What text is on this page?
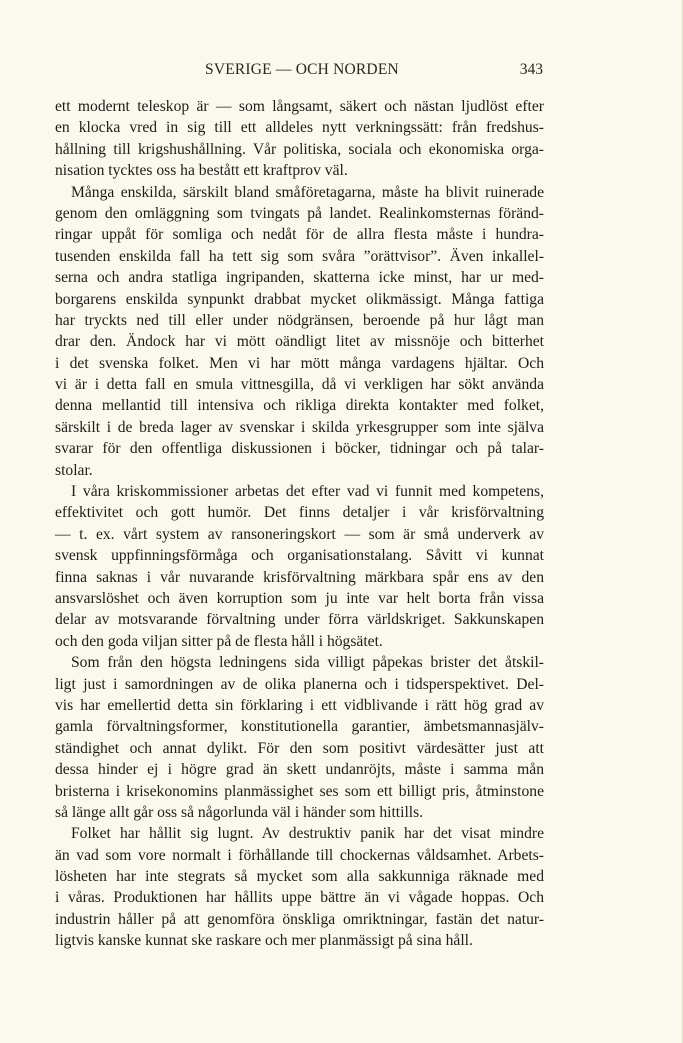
SVERIGE — OCH NORDEN	343
ett modernt teleskop är — som långsamt, säkert och nästan ljudlöst efter
en klocka vred in sig till ett alldeles nytt verkningssätt: från fredshus-
hållning till krigshushållning. Vår politiska, sociala och ekonomiska orga-
nisation tycktes oss ha bestått ett kraftprov väl.
Många enskilda, särskilt bland småföretagarna, måste ha blivit ruinerade
genom den omläggning som tvingats på landet. Realinkomsternas föränd-
ringar uppåt för somliga och nedåt för de allra flesta måste i hundra-
tusenden enskilda fall ha tett sig som svåra ”orättvisor”. Även inkallel-
serna och andra statliga ingripanden, skatterna icke minst, har ur med-
borgarens enskilda synpunkt drabbat mycket olikmässigt. Många fattiga
har tryckts ned till eller under nödgränsen, beroende på hur lågt man
drar den. Ändock har vi mött oändligt litet av missnöje och bitterhet
i det svenska folket. Men vi har mött många vardagens hjältar. Och
vi är i detta fall en smula vittnesgilla, då vi verkligen har sökt använda
denna mellantid till intensiva och rikliga direkta kontakter med folket,
särskilt i de breda lager av svenskar i skilda yrkesgrupper som inte själva
svarar för den offentliga diskussionen i böcker, tidningar och på talar-
stolar.
I våra kriskommissioner arbetas det efter vad vi funnit med kompetens,
effektivitet och gott humör. Det finns detaljer i vår krisförvaltning
— t. ex. vårt system av ransoneringskort — som är små underverk av
svensk uppfinningsförmåga och organisationstalang. Såvitt vi kunnat
finna saknas i vår nuvarande krisförvaltning märkbara spår ens av den
ansvarslöshet och även korruption som ju inte var helt borta från vissa
delar av motsvarande förvaltning under förra världskriget. Sakkunskapen
och den goda viljan sitter på de flesta håll i högsätet.
Som från den högsta ledningens sida villigt påpekas brister det åtskil-
ligt just i samordningen av de olika planerna och i tidsperspektivet. Del-
vis har emellertid detta sin förklaring i ett vidblivande i rätt hög grad av
gamla förvaltningsformer, konstitutionella garantier, ämbetsmannasjälv-
ständighet och annat dylikt. För den som positivt värdesätter just att
dessa hinder ej i högre grad än skett undanröjts, måste i samma mån
bristerna i krisekonomins planmässighet ses som ett billigt pris, åtminstone
så länge allt går oss så någorlunda väl i händer som hittills.
Folket har hållit sig lugnt. Av destruktiv panik har det visat mindre
än vad som vore normalt i förhållande till chockernas våldsamhet. Arbets-
lösheten har inte stegrats så mycket som alla sakkunniga räknade med
i våras. Produktionen har hållits uppe bättre än vi vågade hoppas. Och
industrin håller på att genomföra önskliga omriktningar, fastän det natur-
ligtvis kanske kunnat ske raskare och mer planmässigt på sina håll.
